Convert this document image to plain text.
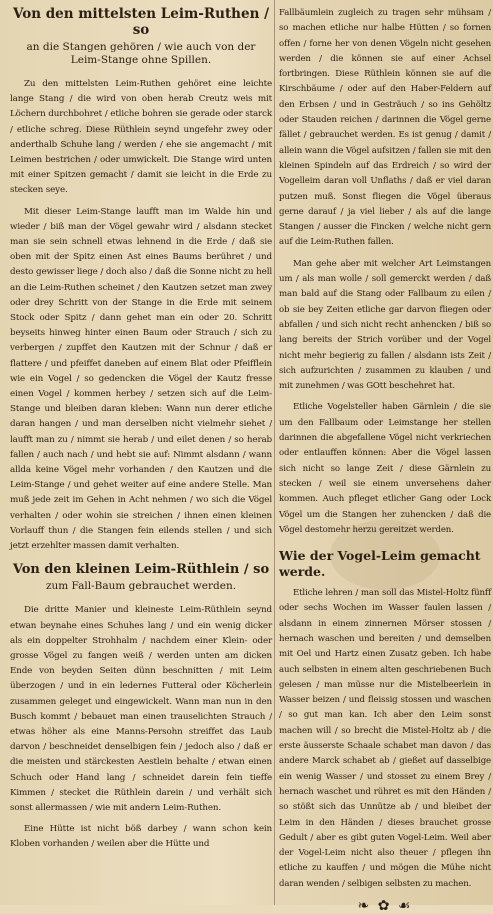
Von den mittelsten Leim-Ruthen / so
an die Stangen gehören / wie auch von der Leim-Stange ohne Spillen.

Zu den mittelsten Leim-Ruthen gehöret eine leichte lange Stang / die wird von oben herab Creutz weis mit Löchern durchbohret / etliche bohren sie gerade oder starck / etliche schreg. Diese Rüthlein seynd ungefehr zwey oder anderthalb Schuhe lang / werden / ehe sie angemacht / mit Leimen bestrichen / oder umwickelt. Die Stange wird unten mit einer Spitzen gemacht / damit sie leicht in die Erde zu stecken seye.

Mit dieser Leim-Stange laufft man im Walde hin und wieder / biß man der Vögel gewahr wird / alsdann stecket man sie sein schnell etwas lehnend in die Erde / daß sie oben mit der Spitz einen Ast eines Baums berühret / und desto gewisser liege / doch also / daß die Sonne nicht zu hell an die Leim-Ruthen scheinet / den Kautzen setzet man zwey oder drey Schritt von der Stange in die Erde mit seinem Stock oder Spitz / dann gehet man ein oder 20. Schritt beyseits hinweg hinter einen Baum oder Strauch / sich zu verbergen / zupffet den Kautzen mit der Schnur / daß er flattere / und pfeiffet daneben auf einem Blat oder Pfeifflein wie ein Vogel / so gedencken die Vögel der Kautz fresse einen Vogel / kommen herbey / setzen sich auf die Leim-Stange und bleiben daran kleben: Wann nun derer etliche daran hangen / und man derselben nicht vielmehr siehet / laufft man zu / nimmt sie herab / und eilet denen / so herab fallen / auch nach / und hebt sie auf: Nimmt alsdann / wann allda keine Vögel mehr vorhanden / den Kautzen und die Leim-Stange / und gehet weiter auf eine andere Stelle. Man muß jede zeit im Gehen in Acht nehmen / wo sich die Vögel verhalten / oder wohin sie streichen / ihnen einen kleinen Vorlauff thun / die Stangen fein eilends stellen / und sich jetzt erzehlter massen damit verhalten.

Von den kleinen Leim-Rüthlein / so
zum Fall-Baum gebrauchet werden.

Die dritte Manier und kleineste Leim-Rüthlein seynd etwan beynahe eines Schuhes lang / und ein wenig dicker als ein doppelter Strohhalm / nachdem einer Klein- oder grosse Vögel zu fangen weiß / werden unten am dicken Ende von beyden Seiten dünn beschnitten / mit Leim überzogen / und in ein ledernes Futteral oder Köcherlein zusammen geleget und eingewickelt. Wann man nun in den Busch kommt / bebauet man einen trauselichten Strauch / etwas höher als eine Manns-Persohn streiffet das Laub darvon / beschneidet denselbigen fein / jedoch also / daß er die meisten und stärckesten Aestlein behalte / etwan einen Schuch oder Hand lang / schneidet darein fein tieffe Kimmen / stecket die Rüthlein darein / und verhält sich sonst allermassen / wie mit andern Leim-Ruthen.

Eine Hütte ist nicht böß darbey / wann schon kein Kloben vorhanden / weilen aber die Hütte und

Fallbäumlein zugleich zu tragen sehr mühsam / so machen etliche nur halbe Hütten / so fornen offen / forne her von denen Vögeln nicht gesehen werden / die können sie auf einer Achsel fortbringen. Diese Rüthlein können sie auf die Kirschbäume / oder auf den Haber-Feldern auf den Erbsen / und in Gesträuch / so ins Gehöltz oder Stauden reichen / darinnen die Vögel gerne fället / gebrauchet werden. Es ist genug / damit / allein wann die Vögel aufsitzen / fallen sie mit den kleinen Spindeln auf das Erdreich / so wird der Vogelleim daran voll Unflaths / daß er viel daran putzen muß. Sonst fliegen die Vögel überaus gerne darauf / ja viel lieber / als auf die lange Stangen / ausser die Fincken / welche nicht gern auf die Leim-Ruthen fallen.

Man gehe aber mit welcher Art Leimstangen um / als man wolle / soll gemerckt werden / daß man bald auf die Stang oder Fallbaum zu eilen / ob sie bey Zeiten etliche gar darvon fliegen oder abfallen / und sich nicht recht anhencken / biß so lang bereits der Strich vorüber und der Vogel nicht mehr begierig zu fallen / alsdann ists Zeit / sich aufzurichten / zusammen zu klauben / und mit zunehmen / was GOtt beschehret hat.

Etliche Vogelsteller haben Gärnlein / die sie um den Fallbaum oder Leimstange her stellen darinnen die abgefallene Vögel nicht verkriechen oder entlauffen können: Aber die Vögel lassen sich nicht so lange Zeit / diese Gärnlein zu stecken / weil sie einem unversehens daher kommen. Auch pfleget etlicher Gang oder Lock Vögel um die Stangen her zuhencken / daß die Vögel destomehr herzu gereitzet werden.

Wie der Vogel-Leim gemacht werde.

Etliche lehren / man soll das Mistel-Holtz fünff oder sechs Wochen im Wasser faulen lassen / alsdann in einem zinnernen Mörser stossen / hernach waschen und bereiten / und demselben mit Oel und Hartz einen Zusatz geben. Ich habe auch selbsten in einem alten geschriebenen Buch gelesen / man müsse nur die Mistelbeerlein in Wasser beizen / und fleissig stossen und waschen / so gut man kan. Ich aber den Leim sonst machen will / so brecht die Mistel-Holtz ab / die erste äusserste Schaale schabet man davon / das andere Marck schabet ab / gießet auf dasselbige ein wenig Wasser / und stosset zu einem Brey / hernach waschet und rühret es mit den Händen / so stößt sich das Unnütze ab / und bleibet der Leim in den Händen / dieses brauchet grosse Gedult / aber es gibt guten Vogel-Leim. Weil aber der Vogel-Leim nicht also theuer / pflegen ihn etliche zu kauffen / und mögen die Mühe nicht daran wenden / selbigen selbsten zu machen.

❧ ✿ ☙
